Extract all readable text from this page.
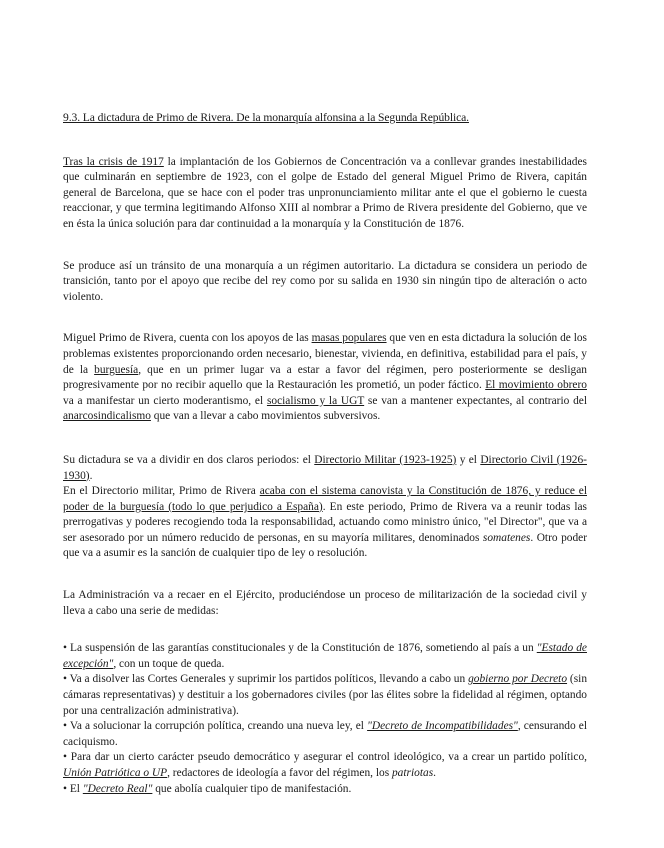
9.3. La dictadura de Primo de Rivera. De la monarquía alfonsina a la Segunda República.

Tras la crisis de 1917 la implantación de los Gobiernos de Concentración va a conllevar grandes inestabilidades que culminarán en septiembre de 1923, con el golpe de Estado del general Miguel Primo de Rivera, capitán general de Barcelona, que se hace con el poder tras unpronunciamiento militar ante el que el gobierno le cuesta reaccionar, y que termina legitimando Alfonso XIII al nombrar a Primo de Rivera presidente del Gobierno, que ve en ésta la única solución para dar continuidad a la monarquía y la Constitución de 1876.

Se produce así un tránsito de una monarquía a un régimen autoritario. La dictadura se considera un periodo de transición, tanto por el apoyo que recibe del rey como por su salida en 1930 sin ningún tipo de alteración o acto violento.

Miguel Primo de Rivera, cuenta con los apoyos de las masas populares que ven en esta dictadura la solución de los problemas existentes proporcionando orden necesario, bienestar, vivienda, en definitiva, estabilidad para el país, y de la burguesía, que en un primer lugar va a estar a favor del régimen, pero posteriormente se desligan progresivamente por no recibir aquello que la Restauración les prometió, un poder fáctico. El movimiento obrero va a manifestar un cierto moderantismo, el socialismo y la UGT se van a mantener expectantes, al contrario del anarcosindicalismo que van a llevar a cabo movimientos subversivos.

Su dictadura se va a dividir en dos claros periodos: el Directorio Militar (1923-1925) y el Directorio Civil (1926-1930).

En el Directorio militar, Primo de Rivera acaba con el sistema canovista y la Constitución de 1876, y reduce el poder de la burguesía (todo lo que perjudico a España). En este periodo, Primo de Rivera va a reunir todas las prerrogativas y poderes recogiendo toda la responsabilidad, actuando como ministro único, "el Director", que va a ser asesorado por un número reducido de personas, en su mayoría militares, denominados somatenes. Otro poder que va a asumir es la sanción de cualquier tipo de ley o resolución.

La Administración va a recaer en el Ejército, produciéndose un proceso de militarización de la sociedad civil y lleva a cabo una serie de medidas:

• La suspensión de las garantías constitucionales y de la Constitución de 1876, sometiendo al país a un "Estado de excepción", con un toque de queda.

• Va a disolver las Cortes Generales y suprimir los partidos políticos, llevando a cabo un gobierno por Decreto (sin cámaras representativas) y destituir a los gobernadores civiles (por las élites sobre la fidelidad al régimen, optando por una centralización administrativa).

• Va a solucionar la corrupción política, creando una nueva ley, el "Decreto de Incompatibilidades", censurando el caciquismo.

• Para dar un cierto carácter pseudo democrático y asegurar el control ideológico, va a crear un partido político, Unión Patriótica o UP, redactores de ideología a favor del régimen, los patriotas.

• El "Decreto Real" que abolía cualquier tipo de manifestación.
